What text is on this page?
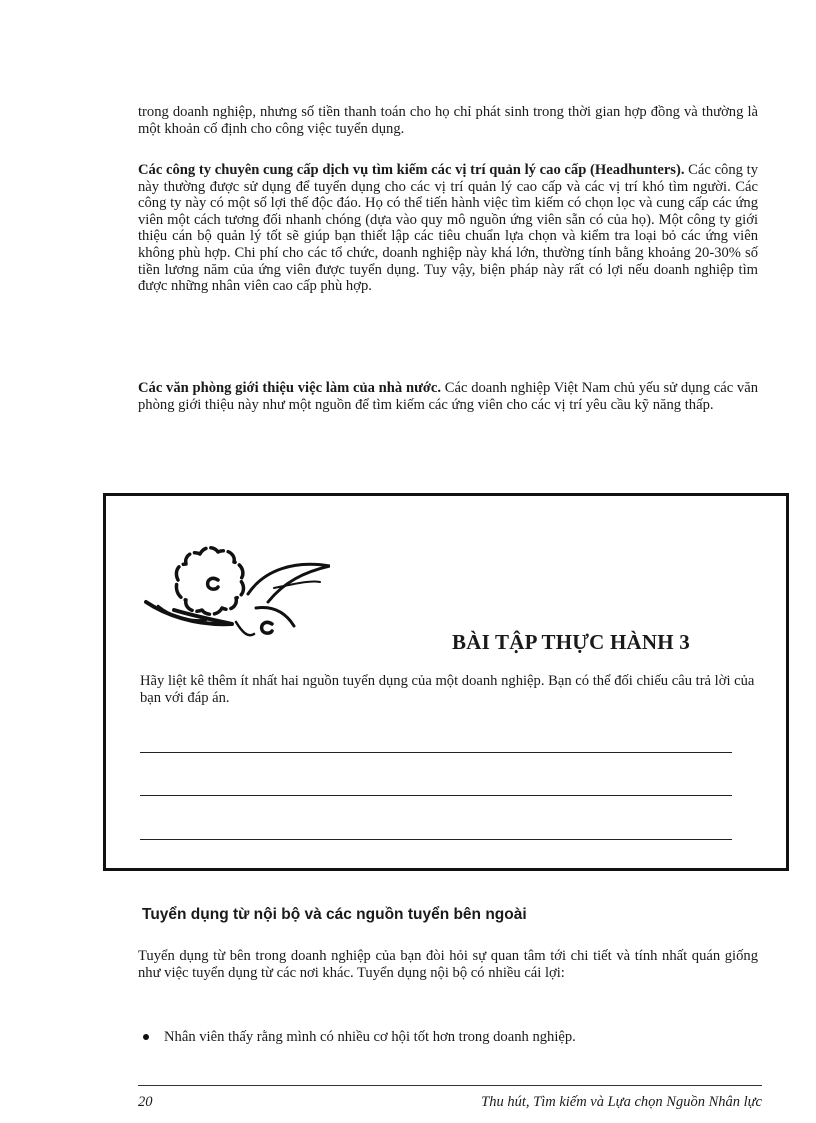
trong doanh nghiệp, nhưng số tiền thanh toán cho họ chỉ phát sinh trong thời gian hợp đồng và thường là một khoản cố định cho công việc tuyển dụng.

Các công ty chuyên cung cấp dịch vụ tìm kiếm các vị trí quản lý cao cấp (Headhunters). Các công ty này thường được sử dụng để tuyển dụng cho các vị trí quản lý cao cấp và các vị trí khó tìm người. Các công ty này có một số lợi thế độc đáo. Họ có thể tiến hành việc tìm kiếm có chọn lọc và cung cấp các ứng viên một cách tương đối nhanh chóng (dựa vào quy mô nguồn ứng viên sẵn có của họ). Một công ty giới thiệu cán bộ quản lý tốt sẽ giúp bạn thiết lập các tiêu chuẩn lựa chọn và kiểm tra loại bỏ các ứng viên không phù hợp. Chi phí cho các tổ chức, doanh nghiệp này khá lớn, thường tính bằng khoảng 20-30% số tiền lương năm của ứng viên được tuyển dụng. Tuy vậy, biện pháp này rất có lợi nếu doanh nghiệp tìm được những nhân viên cao cấp phù hợp.

Các văn phòng giới thiệu việc làm của nhà nước. Các doanh nghiệp Việt Nam chủ yếu sử dụng các văn phòng giới thiệu này như một nguồn để tìm kiếm các ứng viên cho các vị trí yêu cầu kỹ năng thấp.

BÀI TẬP THỰC HÀNH 3

Hãy liệt kê thêm ít nhất hai nguồn tuyển dụng của một doanh nghiệp. Bạn có thể đối chiếu câu trả lời của bạn với đáp án.

Tuyển dụng từ nội bộ và các nguồn tuyển bên ngoài

Tuyển dụng từ bên trong doanh nghiệp của bạn đòi hỏi sự quan tâm tới chi tiết và tính nhất quán giống như việc tuyển dụng từ các nơi khác. Tuyển dụng nội bộ có nhiều cái lợi:

Nhân viên thấy rằng mình có nhiều cơ hội tốt hơn trong doanh nghiệp.
20	Thu hút, Tìm kiếm và Lựa chọn Nguồn Nhân lực
